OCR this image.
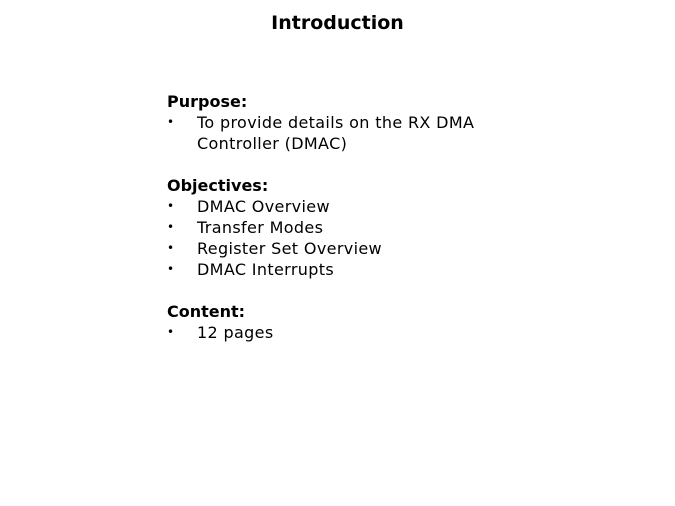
Introduction
Purpose:
•	To provide details on the RX DMA Controller (DMAC)
Objectives:
•	DMAC Overview
•	Transfer Modes
•	Register Set Overview
•	DMAC Interrupts
Content:
•	12 pages
